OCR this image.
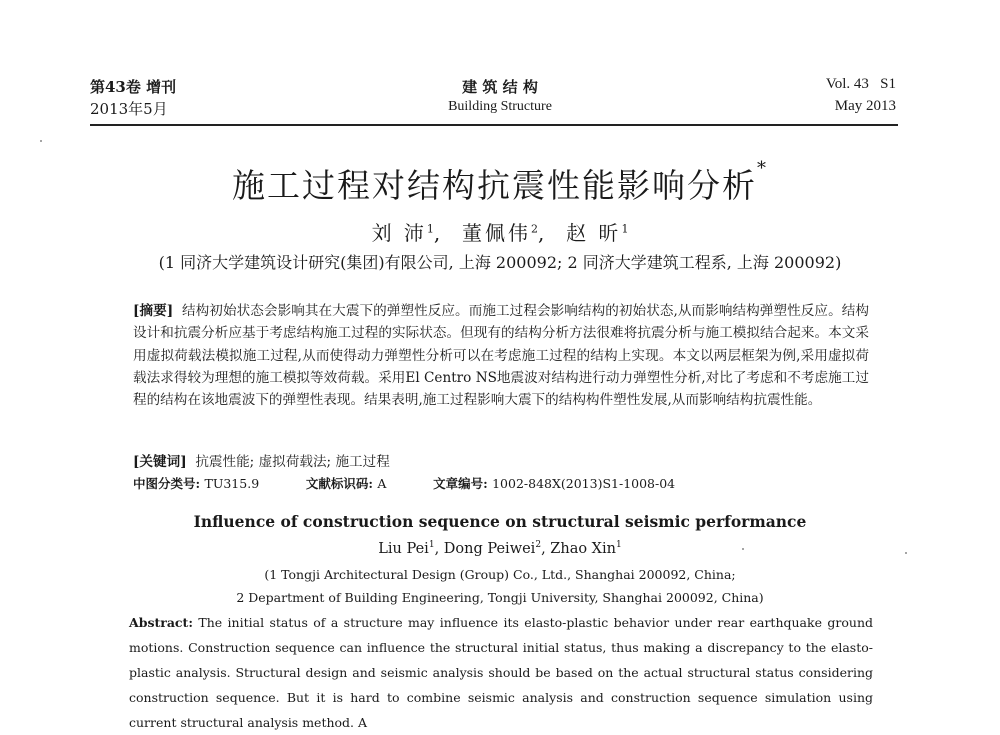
第43卷 增刊
2013年5月
建 筑 结 构
Building Structure
Vol. 43   S1
May 2013
施工过程对结构抗震性能影响分析*
刘 沛$^1$,  董佩伟$^2$,  赵 昕$^1$
(1 同济大学建筑设计研究(集团)有限公司, 上海 200092; 2 同济大学建筑工程系, 上海 200092)
[摘要] 结构初始状态会影响其在大震下的弹塑性反应。而施工过程会影响结构的初始状态,从而影响结构弹塑性反应。结构设计和抗震分析应基于考虑结构施工过程的实际状态。但现有的结构分析方法很难将抗震分析与施工模拟结合起来。本文采用虚拟荷载法模拟施工过程,从而使得动力弹塑性分析可以在考虑施工过程的结构上实现。本文以两层框架为例,采用虚拟荷载法求得较为理想的施工模拟等效荷载。采用El Centro NS地震波对结构进行动力弹塑性分析,对比了考虑和不考虑施工过程的结构在该地震波下的弹塑性表现。结果表明,施工过程影响大震下的结构构件塑性发展,从而影响结构抗震性能。
[关键词] 抗震性能; 虚拟荷载法; 施工过程
中图分类号: TU315.9	文献标识码: A	文章编号: 1002-848X(2013)S1-1008-04
Influence of construction sequence on structural seismic performance
Liu Pei$^1$, Dong Peiwei$^2$, Zhao Xin$^1$
(1 Tongji Architectural Design (Group) Co., Ltd., Shanghai 200092, China;
2 Department of Building Engineering, Tongji University, Shanghai 200092, China)
Abstract: The initial status of a structure may influence its elasto-plastic behavior under rear earthquake ground motions. Construction sequence can influence the structural initial status, thus making a discrepancy to the elasto-plastic analysis. Structural design and seismic analysis should be based on the actual structural status considering construction sequence. But it is hard to combine seismic analysis and construction sequence simulation using current structural analysis method. A
